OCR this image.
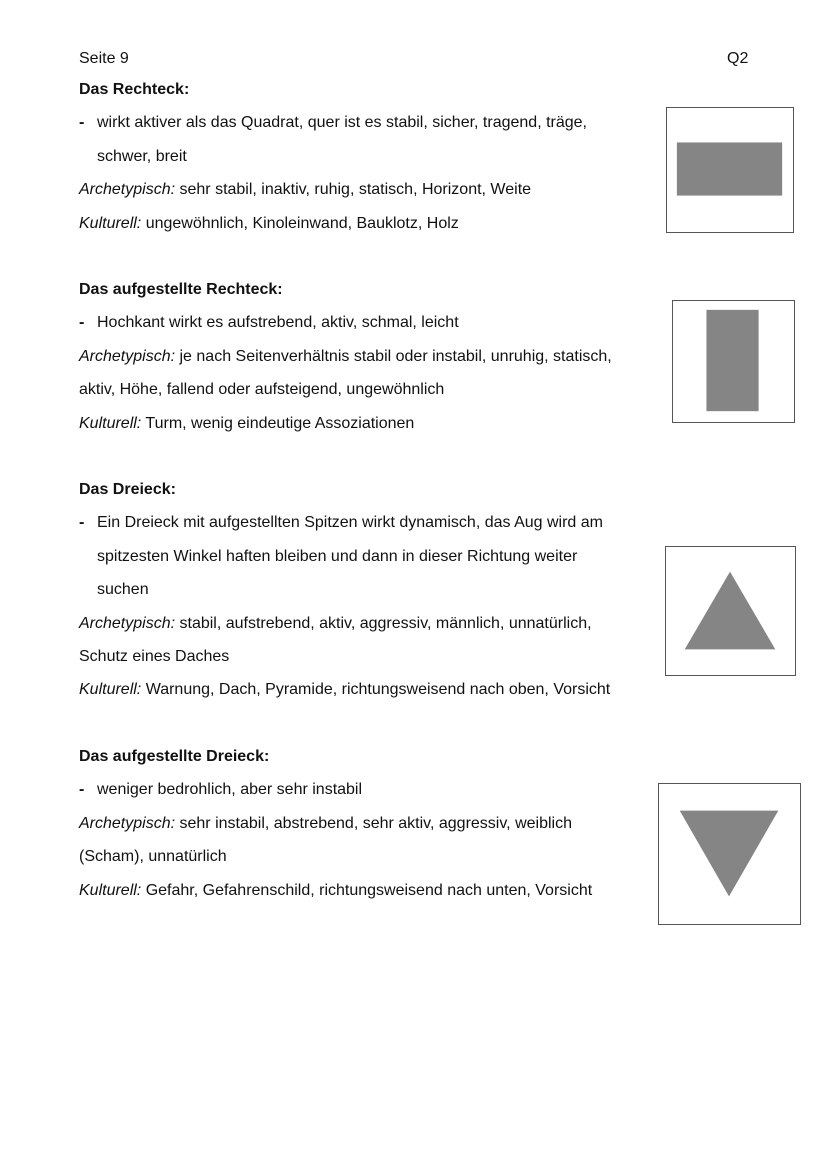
Seite 9	Q2
Das Rechteck:
- wirkt aktiver als das Quadrat, quer ist es stabil, sicher, tragend, träge,
schwer, breit
Archetypisch: sehr stabil, inaktiv, ruhig, statisch, Horizont, Weite
Kulturell: ungewöhnlich, Kinoleinwand, Bauklotz, Holz
Das aufgestellte Rechteck:
- Hochkant wirkt es aufstrebend, aktiv, schmal, leicht
Archetypisch: je nach Seitenverhältnis stabil oder instabil, unruhig, statisch,
aktiv, Höhe, fallend oder aufsteigend, ungewöhnlich
Kulturell: Turm, wenig eindeutige Assoziationen
Das Dreieck:
- Ein Dreieck mit aufgestellten Spitzen wirkt dynamisch, das Aug wird am
spitzesten Winkel haften bleiben und dann in dieser Richtung weiter
suchen
Archetypisch: stabil, aufstrebend, aktiv, aggressiv, männlich, unnatürlich,
Schutz eines Daches
Kulturell: Warnung, Dach, Pyramide, richtungsweisend nach oben, Vorsicht
Das aufgestellte Dreieck:
- weniger bedrohlich, aber sehr instabil
Archetypisch: sehr instabil, abstrebend, sehr aktiv, aggressiv, weiblich
(Scham), unnatürlich
Kulturell: Gefahr, Gefahrenschild, richtungsweisend nach unten, Vorsicht
